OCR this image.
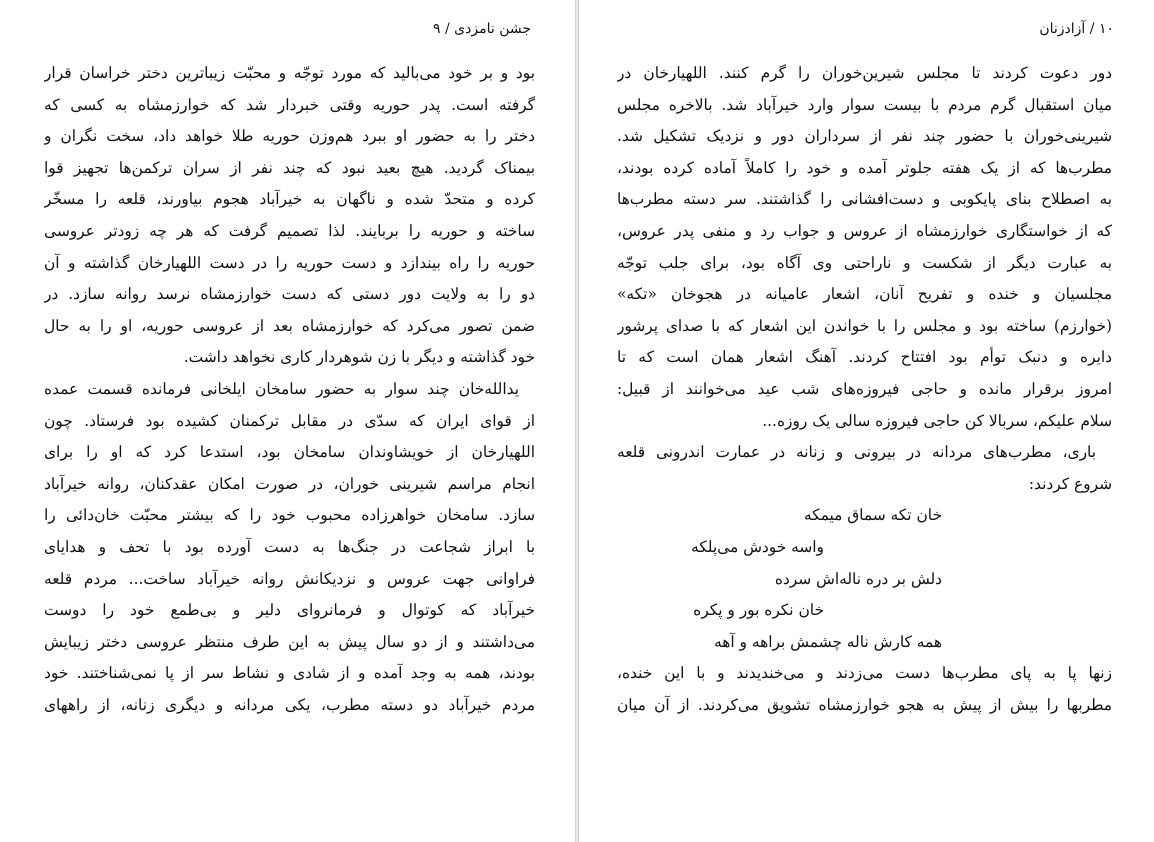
جشن نامزدی / ۹
بود و بر خود می‌بالید که مورد توجّه و محبّت زیباترین دختر خراسان قرار
گرفته است. پدر حوریه وقتی خبردار شد که خوارزمشاه به کسی که
دختر را به حضور او ببرد هم‌وزن حوریه طلا خواهد داد، سخت نگران و
بیمناک گردید. هیچ بعید نبود که چند نفر از سران ترکمن‌ها تجهیز قوا
کرده و متحدّ شده و ناگهان به خیرآباد هجوم بیاورند، قلعه را مسخّر
ساخته و حوریه را بربایند. لذا تصمیم گرفت که هر چه زودتر عروسی
حوریه را راه بیندازد و دست حوریه را در دست اللهیارخان گذاشته و آن
دو را به ولایت دور دستی که دست خوارزمشاه نرسد روانه سازد. در
ضمن تصور می‌کرد که خوارزمشاه بعد از عروسی حوریه، او را به حال
خود گذاشته و دیگر با زن شوهردار کاری نخواهد داشت.
یدالله‌خان چند سوار به حضور سامخان ایلخانی فرمانده قسمت عمده
از قوای ایران که سدّی در مقابل ترکمنان کشیده بود فرستاد. چون
اللهیارخان از خویشاوندان سامخان بود، استدعا کرد که او را برای
انجام مراسم شیرینی خوران، در صورت امکان عقدکنان، روانه خیرآباد
سازد. سامخان خواهرزاده محبوب خود را که بیشتر محبّت خان‌دائی را
با ابراز شجاعت در جنگ‌ها به دست آورده بود با تحف و هدایای
فراوانی جهت عروس و نزدیکانش روانه خیرآباد ساخت... مردم قلعه
خیرآباد که کوتوال و فرمانروای دلیر و بی‌طمع خود را دوست
می‌داشتند و از دو سال پیش به این طرف منتظر عروسی دختر زیبایش
بودند، همه به وجد آمده و از شادی و نشاط سر از پا نمی‌شناختند. خود
مردم خیرآباد دو دسته مطرب، یکی مردانه و دیگری زنانه، از راههای
۱۰ / آزادزنان
دور دعوت کردند تا مجلس شیرین‌خوران را گرم کنند. اللهیارخان در
میان استقبال گرم مردم با بیست سوار وارد خیرآباد شد. بالاخره مجلس
شیرینی‌خوران با حضور چند نفر از سرداران دور و نزدیک تشکیل شد.
مطرب‌ها که از یک هفته جلوتر آمده و خود را کاملاً آماده کرده بودند،
به اصطلاح بنای پایکوبی و دست‌افشانی را گذاشتند. سر دسته مطرب‌ها
که از خواستگاری خوارزمشاه از عروس و جواب رد و منفی پدر عروس،
به عبارت دیگر از شکست و ناراحتی وی آگاه بود، برای جلب توجّه
مجلسیان و خنده و تفریح آنان، اشعار عامیانه در هجوخان «تکه»
(خوارزم) ساخته بود و مجلس را با خواندن این اشعار که با صدای پرشور
دایره و دنبک توأم بود افتتاح کردند. آهنگ اشعار همان است که تا
امروز برقرار مانده و حاجی فیروزه‌های شب عید می‌خوانند از قبیل:
سلام علیکم، سربالا کن حاجی فیروزه سالی یک روزه...
باری، مطرب‌های مردانه در بیرونی و زنانه در عمارت اندرونی قلعه
شروع کردند:
خان تکه سماق میمکه
واسه خودش می‌پلکه
دلش بر دره ناله‌اش سرده
خان نکره بور و پکره
همه کارش ناله چشمش براهه و آهه
زنها پا به پای مطرب‌ها دست می‌زدند و می‌خندیدند و با این خنده،
مطربها را بیش از پیش به هجو خوارزمشاه تشویق می‌کردند. از آن میان
